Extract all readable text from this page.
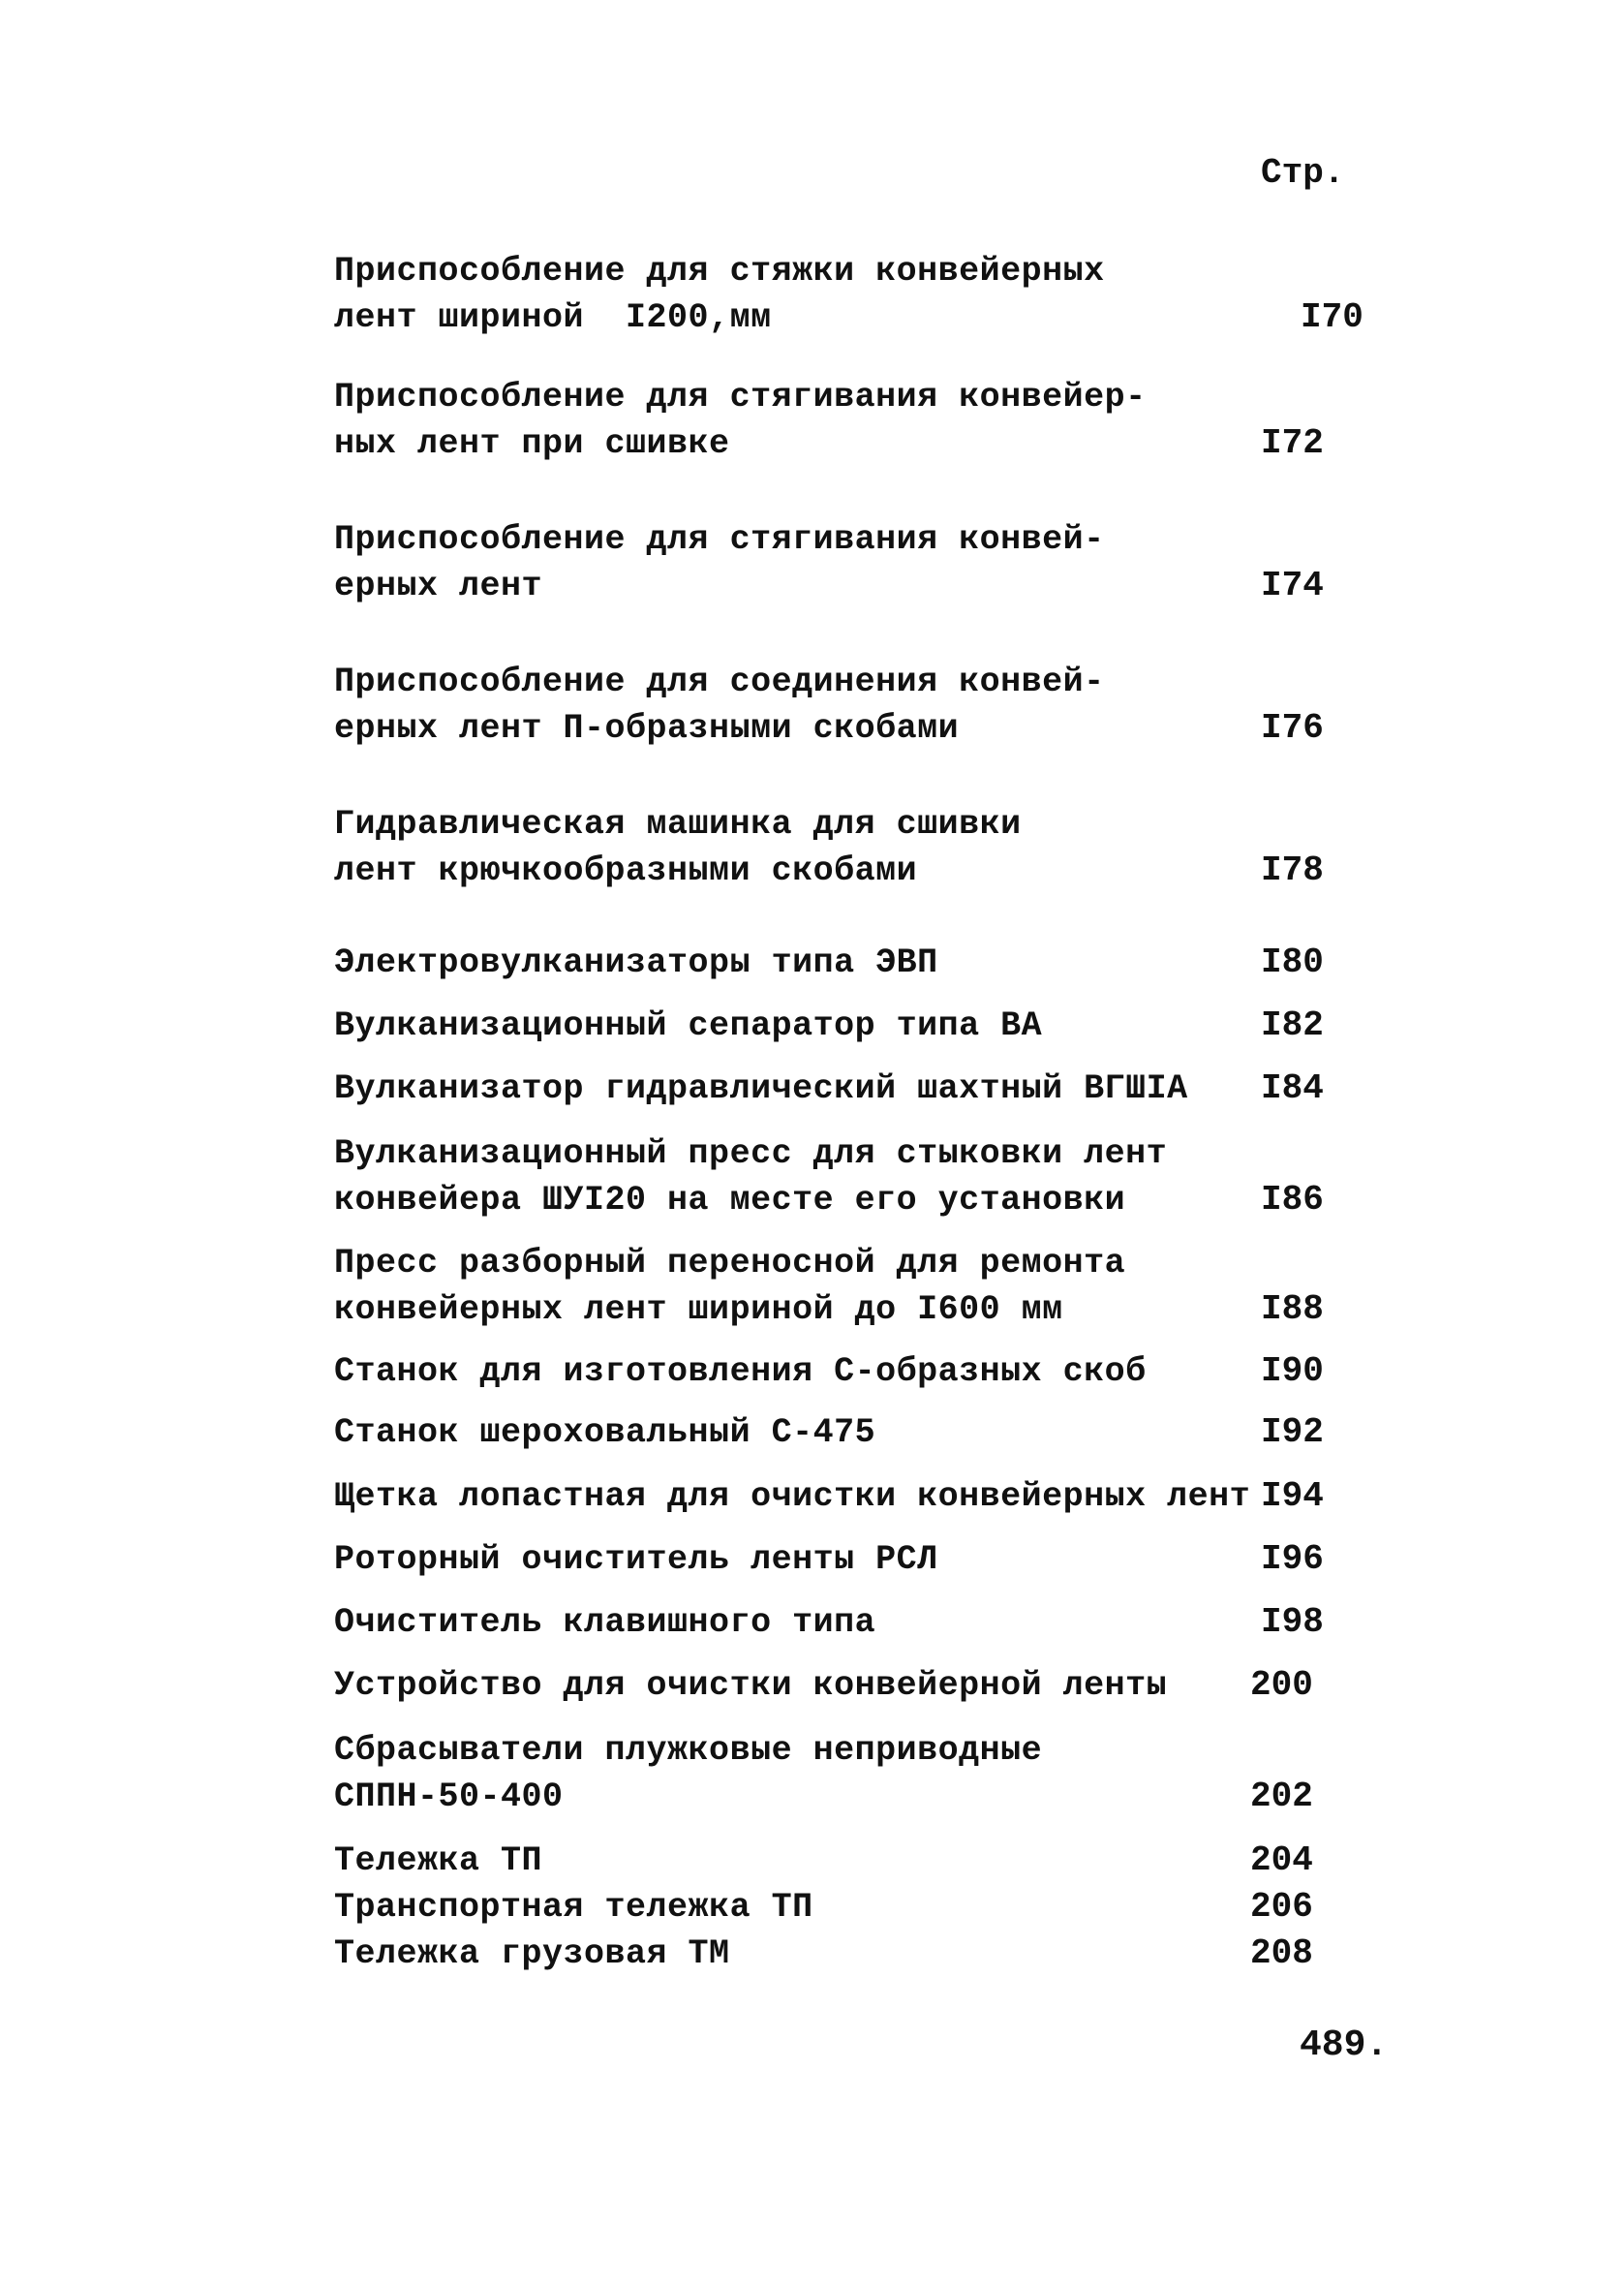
Стр.
Приспособление для стяжки конвейерных
лент шириной  I200,мм	I70
Приспособление для стягивания конвейер-
ных лент при сшивке	I72
Приспособление для стягивания конвей-
ерных лент	I74
Приспособление для соединения конвей-
ерных лент П-образными скобами	I76
Гидравлическая машинка для сшивки
лент крючкообразными скобами	I78
Электровулканизаторы типа ЭВП	I80
Вулканизационный сепаратор типа ВА	I82
Вулканизатор гидравлический шахтный ВГШIА	I84
Вулканизационный пресс для стыковки лент
конвейера ШУI20 на месте его установки	I86
Пресс разборный переносной для ремонта
конвейерных лент шириной до I600 мм	I88
Станок для изготовления С-образных скоб	I90
Станок шероховальный С-475	I92
Щетка лопастная для очистки конвейерных лент I94
Роторный очиститель ленты РСЛ	I96
Очиститель клавишного типа	I98
Устройство для очистки конвейерной ленты	200
Сбрасыватели плужковые неприводные
СППН-50-400	202
Тележка ТП	204
Транспортная тележка ТП	206
Тележка грузовая ТМ	208
489.
